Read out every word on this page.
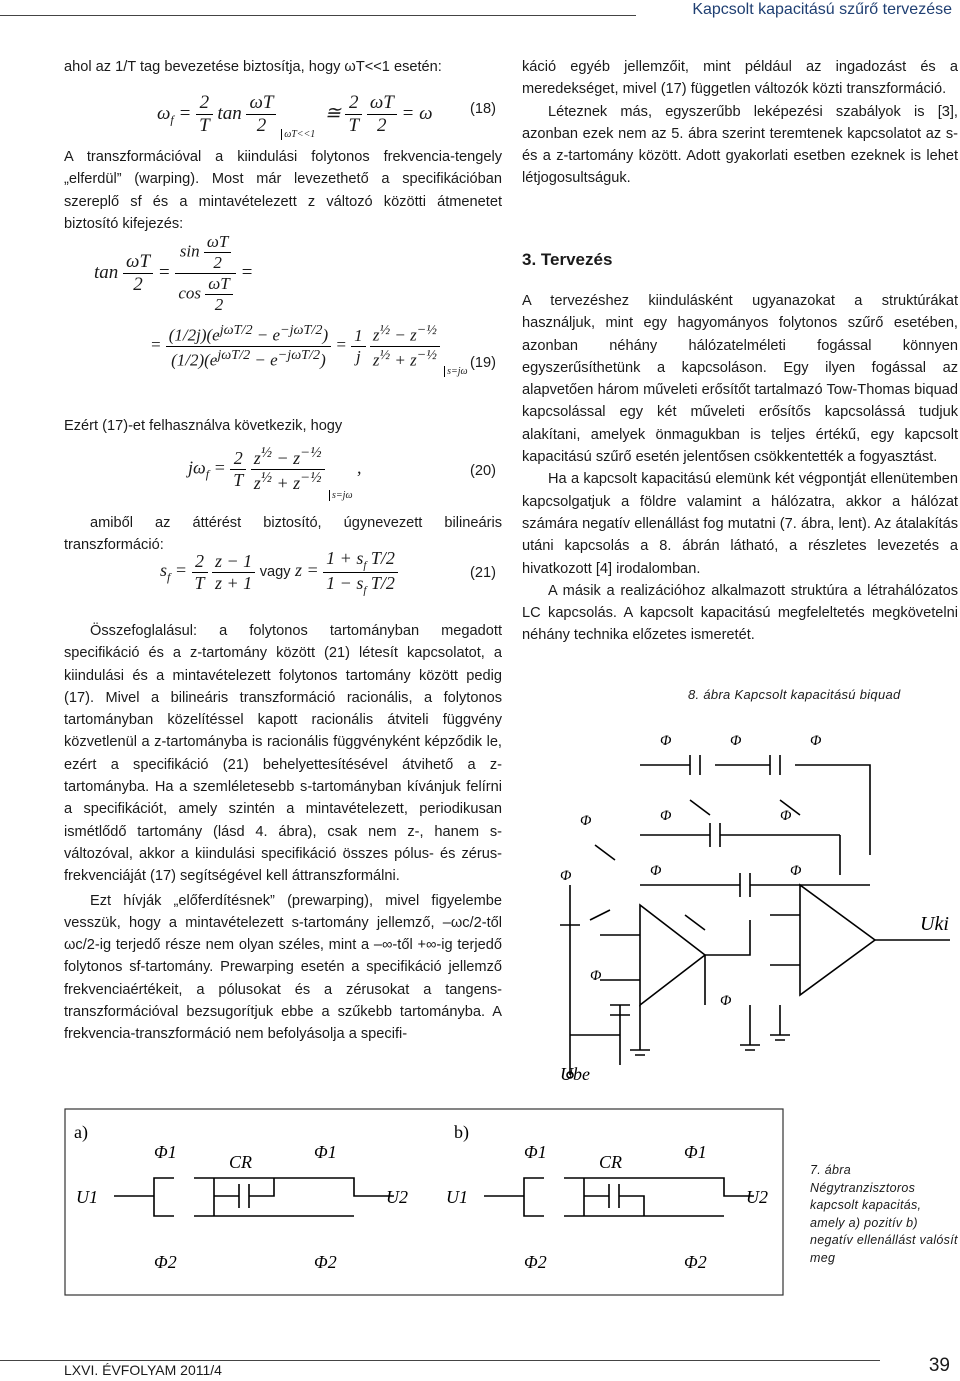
Kapcsolt kapacitású szűrő tervezése

ahol az 1/T tag bevezetése biztosítja, hogy ωT<<1 esetén:

$\omega_f = \frac{2}{T}$ $\tan \frac{\omega T}{2} _{\omega T<<1}$  ≅ $\frac{2}{T}$
$\frac{\omega T}{2} = \omega$	(18)

A transzformációval a kiindulási folytonos frekvencia-tengely „elferdül” (warping). Most már levezethető a specifikációban szereplő sf és a mintavételezett z változó közötti átmenetet biztosító kifejezés:

$\tan \frac{\omega T}{2} = \frac{\sin \frac{\omega T}{2}}{\cos \frac{\omega T}{2}}$ =
= $\frac{(1/2j)(e^{j\omega T/2} - e^{-j\omega T/2})}{(1/2)(e^{j\omega T/2} - e^{-j\omega T/2})} = \frac{1}{j}$
$\frac{z^{\frac{1}{2}} - z^{-\frac{1}{2}}}{z^{\frac{1}{2}} + z^{-\frac{1}{2}}}$
$_{s=j\omega}$
(19)

Ezért (17)-et felhasználva következik, hogy

$j\omega_f = \frac{2}{T}$
$\frac{z^{\frac{1}{2}} - z^{-\frac{1}{2}}}{z^{\frac{1}{2}} + z^{-\frac{1}{2}}}$
$_{s=j\omega}$ ,	(20)

amiből az áttérést biztosító, úgynevezett bilineáris transzformáció:

$s_f = \frac{2}{T}$
$\frac{z - 1}{z + 1}$ vagy $z = \frac{1 + s_f T/2}{1 - s_f T/2}$	(21)

Összefoglalásul: a folytonos tartományban megadott specifikáció és a z-tartomány között (21) létesít kapcsolatot, a kiindulási és a mintavételezett folytonos tartomány között pedig (17). Mivel a bilineáris transzformáció racionális, a folytonos tartományban közelítéssel kapott racionális átviteli függvény közvetlenül a z-tartományba is racionális függvényként képződik le, ezért a specifikáció (21) behelyettesítésével átvihető a z-tartományba. Ha a szemléletesebb s-tartományban kívánjuk felírni a specifikációt, amely szintén a mintavételezett, periodikusan ismétlődő tartomány (lásd 4. ábra), csak nem z-, hanem s-változóval, akkor a kiindulási specifikáció összes pólus- és zérus-frekvenciáját (17) segítségével kell áttranszformálni.

Ezt hívják „előferdítésnek” (prewarping), mivel figyelembe vesszük, hogy a mintavételezett s-tartomány jellemző, –ωc/2-től ωc/2-ig terjedő része nem olyan széles, mint a –∞-től +∞-ig terjedő folytonos sf-tartomány. Prewarping esetén a specifikáció jellemző frekvenciaértékeit, a pólusokat és a zérusokat a tangens-transzformációval bezsugorítjuk ebbe a szűkebb tartományba. A frekvencia-transzformáció nem befolyásolja a specifi-

káció egyéb jellemzőit, mint például az ingadozást és a meredekséget, mivel (17) független változók közti transzformáció.

Léteznek más, egyszerűbb leképezési szabályok is [3], azonban ezek nem az 5. ábra szerint teremtenek kapcsolatot az s- és a z-tartomány között. Adott gyakorlati esetben ezeknek is lehet létjogosultságuk.

3. Tervezés

A tervezéshez kiindulásként ugyanazokat a struktúrákat használjuk, mint egy hagyományos folytonos szűrő esetében, azonban néhány hálózatelméleti fogással könnyen egyszerűsíthetünk a kapcsoláson. Egy ilyen fogással az alapvetően három műveleti erősítőt tartalmazó Tow-Thomas biquad kapcsolással egy két műveleti erősítős kapcsolássá tudjuk alakítani, amelyek önmagukban is teljes értékű, egy kapcsolt kapacitású szűrő esetén jelentősen csökkentették a fogyasztást.

Ha a kapcsolt kapacitású elemünk két végpontját ellenütemben kapcsolgatjuk a földre valamint a hálózatra, akkor a hálózat számára negatív ellenállást fog mutatni (7. ábra, lent). Az átalakítás utáni kapcsolás a 8. ábrán látható, a részletes levezetés a hivatkozott [4] irodalomban.

A másik a realizációhoz alkalmazott struktúra a létrahálózatos LC kapcsolás. A kapcsolt kapacitású megfeleltetés megkövetelni néhány technika előzetes ismeretét.

8. ábra Kapcsolt kapacitású biquad
Φ	Φ	Φ
Φ	Φ
Φ
Φ	Φ
Φ
Φ
Φ
Uki
Ube
a)	b)
Φ1	Φ1
Φ2	Φ2
U1	U2
CR	Φ1	Φ1
Φ2	Φ2
U1	U2
CR	7. ábra Négytranzisztoros kapcsolt kapacitás, amely a) pozitív b) negatív ellenállást valósít meg
LXVI. ÉVFOLYAM 2011/4	39
